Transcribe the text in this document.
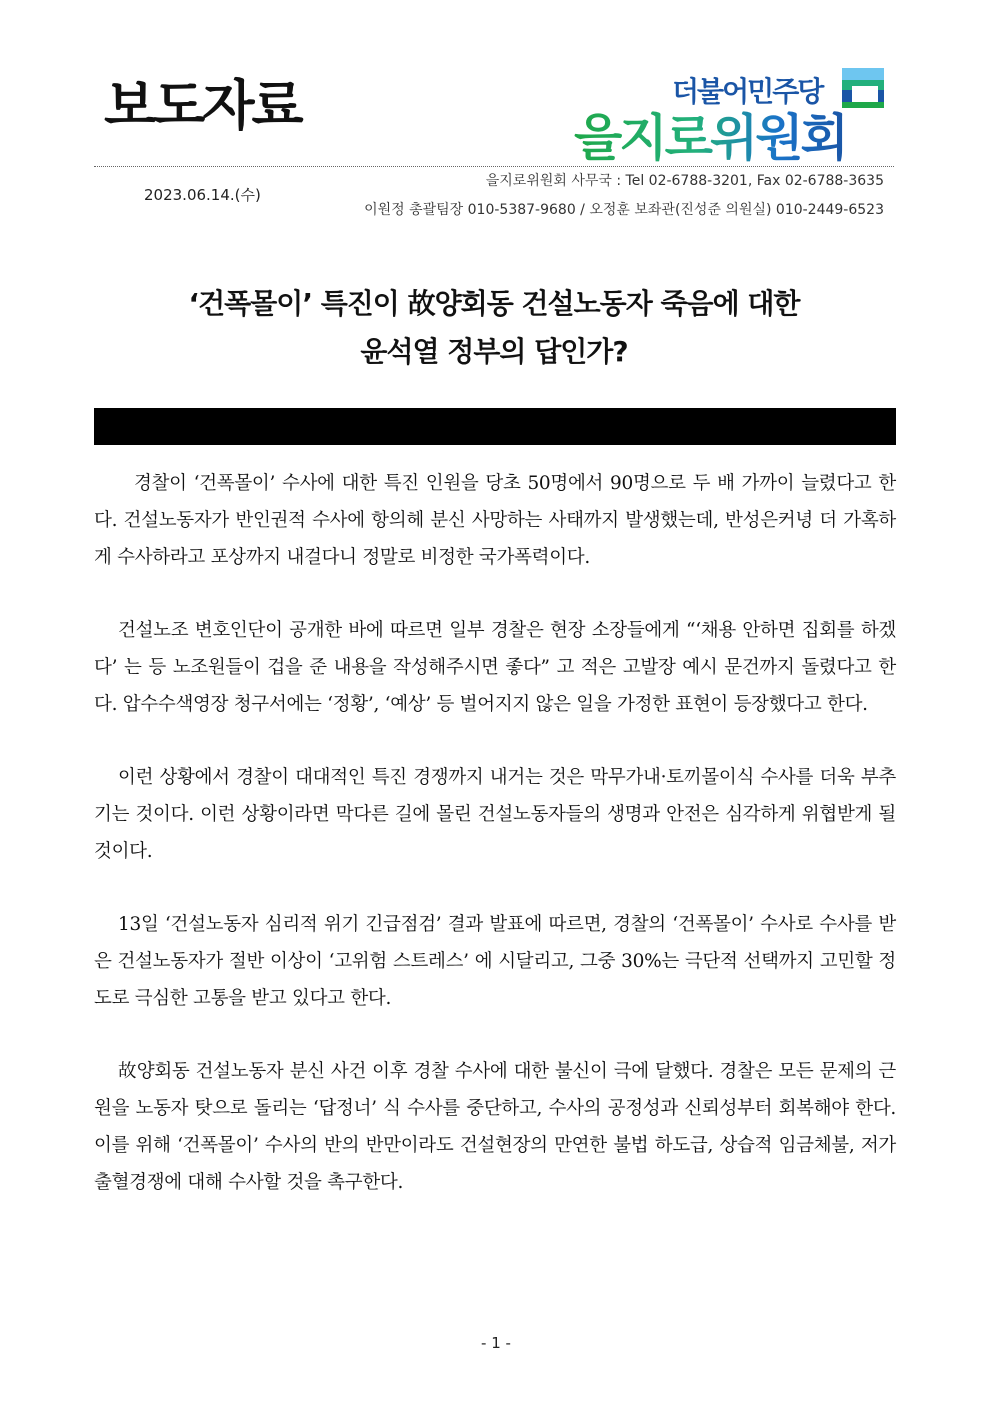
보도자료	더불어민주당
을지로위원회
을지로위원회 사무국 : Tel 02-6788-3201, Fax 02-6788-3635
2023.06.14.(수)
이원정 총괄팀장 010-5387-9680 / 오정훈 보좌관(진성준 의원실) 010-2449-6523
‘건폭몰이’ 특진이 故양회동 건설노동자 죽음에 대한
윤석열 정부의 답인가?

경찰이 ‘건폭몰이’ 수사에 대한 특진 인원을 당초 50명에서 90명으로 두 배 가까이 늘렸다고 한다. 건설노동자가 반인권적 수사에 항의헤 분신 사망하는 사태까지 발생했는데, 반성은커녕 더 가혹하게 수사하라고 포상까지 내걸다니 정말로 비정한 국가폭력이다.

건설노조 변호인단이 공개한 바에 따르면 일부 경찰은 현장 소장들에게 “‘채용 안하면 집회를 하겠다’ 는 등 노조원들이 겁을 준 내용을 작성해주시면 좋다” 고 적은 고발장 예시 문건까지 돌렸다고 한다. 압수수색영장 청구서에는 ‘정황’, ‘예상’ 등 벌어지지 않은 일을 가정한 표현이 등장했다고 한다.

이런 상황에서 경찰이 대대적인 특진 경쟁까지 내거는 것은 막무가내·토끼몰이식 수사를 더욱 부추기는 것이다. 이런 상황이라면 막다른 길에 몰린 건설노동자들의 생명과 안전은 심각하게 위협받게 될 것이다.

13일 ‘건설노동자 심리적 위기 긴급점검’ 결과 발표에 따르면, 경찰의 ‘건폭몰이’ 수사로 수사를 받은 건설노동자가 절반 이상이 ‘고위험 스트레스’ 에 시달리고, 그중 30%는 극단적 선택까지 고민할 정도로 극심한 고통을 받고 있다고 한다.

故양회동 건설노동자 분신 사건 이후 경찰 수사에 대한 불신이 극에 달했다. 경찰은 모든 문제의 근원을 노동자 탓으로 돌리는 ‘답정너’ 식 수사를 중단하고, 수사의 공정성과 신뢰성부터 회복해야 한다. 이를 위해 ‘건폭몰이’ 수사의 반의 반만이라도 건설현장의 만연한 불법 하도급, 상습적 임금체불, 저가 출혈경쟁에 대해 수사할 것을 촉구한다.

- 1 -
